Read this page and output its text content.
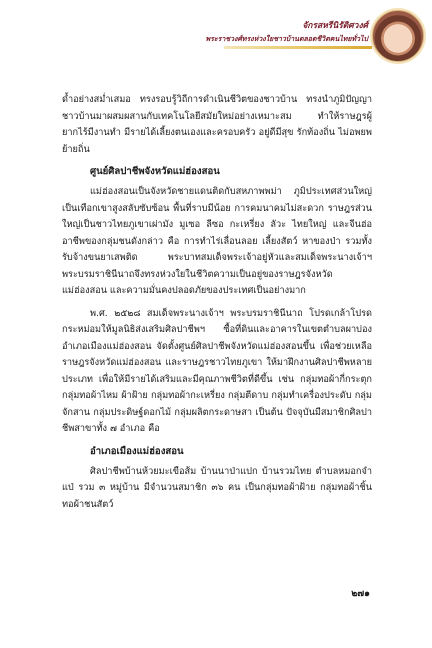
จักรสหรีนิรัติศวงศ์
พระราชวงศ์ทรงห่วงใยชาวบ้านตลอดชีวิตคนไทยทั่วไป

ด้ำอย่างสม่ำเสมอ ทรงรอบรู้วิถีการดำเนินชีวิตของชาวบ้าน ทรงนำภูมิปัญญาชาวบ้านมาผสมผสานกับเทคโนโลยีสมัยใหม่อย่างเหมาะสม ทำให้ราษฎรผู้ยากไร้มีงานทำ มีรายได้เลี้ยงตนเองและครอบครัว อยู่ดีมีสุข รักท้องถิ่น ไม่อพยพย้ายถิ่น

ศูนย์ศิลปาชีพจังหวัดแม่ฮ่องสอน

แม่ฮ่องสอนเป็นจังหวัดชายแดนติดกับสหภาพพม่า ภูมิประเทศส่วนใหญ่เป็นเทือกเขาสูงสลับซับซ้อน พื้นที่ราบมีน้อย การคมนาคมไม่สะดวก ราษฎรส่วนใหญ่เป็นชาวไทยภูเขาเผ่ามัง มูเซอ ลีซอ กะเหรี่ยง ลัวะ ไทยใหญ่ และจีนฮ่อ อาชีพของกลุ่มชนดังกล่าว คือ การทำไร่เลื่อนลอย เลี้ยงสัตว์ หาของป่า รวมทั้งรับจ้างขนยาเสพติด พระบาทสมเด็จพระเจ้าอยู่หัวและสมเด็จพระนางเจ้าฯ พระบรมราชินีนาถจึงทรงห่วงใยในชีวิตความเป็นอยู่ของราษฎรจังหวัดแม่ฮ่องสอน และความมั่นคงปลอดภัยของประเทศเป็นอย่างมาก

พ.ศ. ๒๕๒๘ สมเด็จพระนางเจ้าฯ พระบรมราชินีนาถ โปรดเกล้าโปรดกระหม่อมให้มูลนิธิส่งเสริมศิลปาชีพฯ ซื้อที่ดินและอาคารในเขตตำบลผาบ่อง อำเภอเมืองแม่ฮ่องสอน จัดตั้งศูนย์ศิลปาชีพจังหวัดแม่ฮ่องสอนขึ้น เพื่อช่วยเหลือราษฎรจังหวัดแม่ฮ่องสอน และราษฎรชาวไทยภูเขา ให้มาฝึกงานศิลปาชีพหลายประเภท เพื่อให้มีรายได้เสริมและมีคุณภาพชีวิตที่ดีขึ้น เช่น กลุ่มทอผ้ากี่กระตุก กลุ่มทอผ้าไหม ผ้าฝ้าย กลุ่มทอผ้ากะเหรี่ยง กลุ่มตีดาบ กลุ่มทำเครื่องประดับ กลุ่มจักสาน กลุ่มประดิษฐ์ดอกไม้ กลุ่มผลิตกระดาษสา เป็นต้น ปัจจุบันมีสมาชิกศิลปาชีพสาขาทั้ง ๗ อำเภอ คือ

อำเภอเมืองแม่ฮ่องสอน

ศิลปาชีพบ้านห้วยมะเขือส้ม บ้านนาป่าแปก บ้านรวมไทย ตำบลหมอกจำแป่ รวม ๓ หมู่บ้าน มีจำนวนสมาชิก ๓๖ คน เป็นกลุ่มทอผ้าฝ้าย กลุ่มทอผ้าชิ้น ทอผ้าชนสัตว์

๒๗๑
